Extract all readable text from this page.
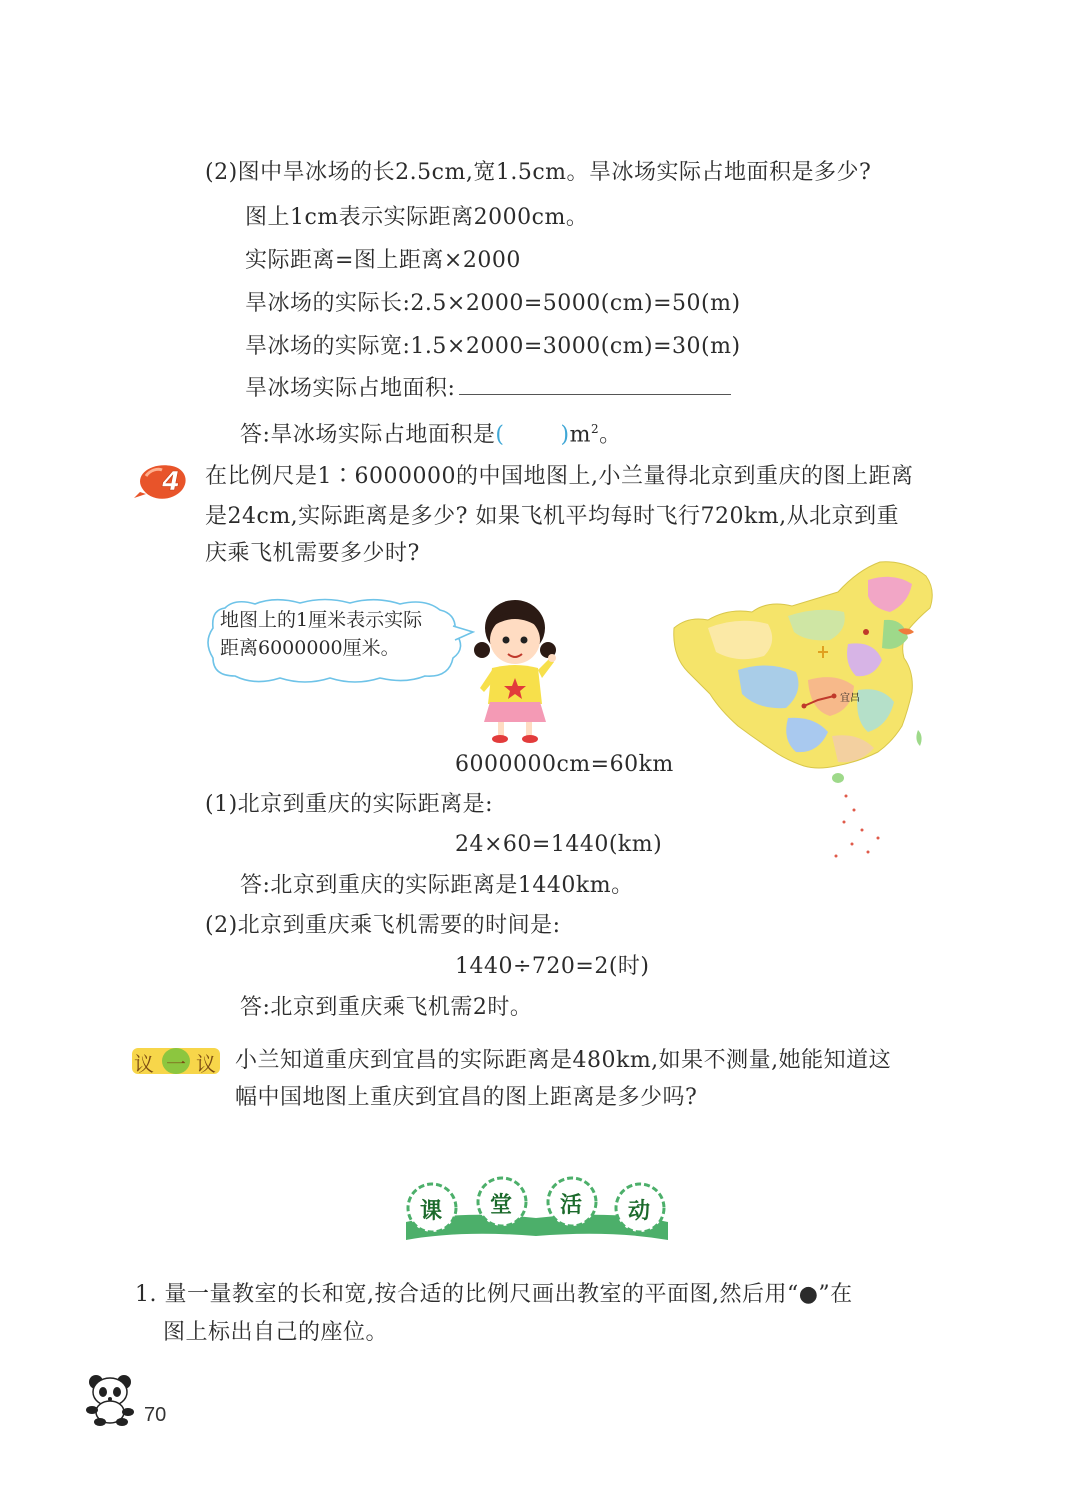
(2)图中旱冰场的长2.5cm,宽1.5cm。旱冰场实际占地面积是多少?
图上1cm表示实际距离2000cm。
实际距离=图上距离×2000
旱冰场的实际长:2.5×2000=5000(cm)=50(m)
旱冰场的实际宽:1.5×2000=3000(cm)=30(m)
旱冰场实际占地面积:
答:旱冰场实际占地面积是(	)$m^2$。
4 在比例尺是1∶6000000的中国地图上,小兰量得北京到重庆的图上距离
是24cm,实际距离是多少? 如果飞机平均每时飞行720km,从北京到重
庆乘飞机需要多少时?
地图上的1厘米表示实际距离6000000厘米。
宜昌
6000000cm=60km
(1)北京到重庆的实际距离是:
24×60=1440(km)
答:北京到重庆的实际距离是1440km。
(2)北京到重庆乘飞机需要的时间是:
1440÷720=2(时)
答:北京到重庆乘飞机需2时。
议 一 议 小兰知道重庆到宜昌的实际距离是480km,如果不测量,她能知道这
幅中国地图上重庆到宜昌的图上距离是多少吗?
课 堂 活 动
1. 量一量教室的长和宽,按合适的比例尺画出教室的平面图,然后用“●”在
图上标出自己的座位。
70
